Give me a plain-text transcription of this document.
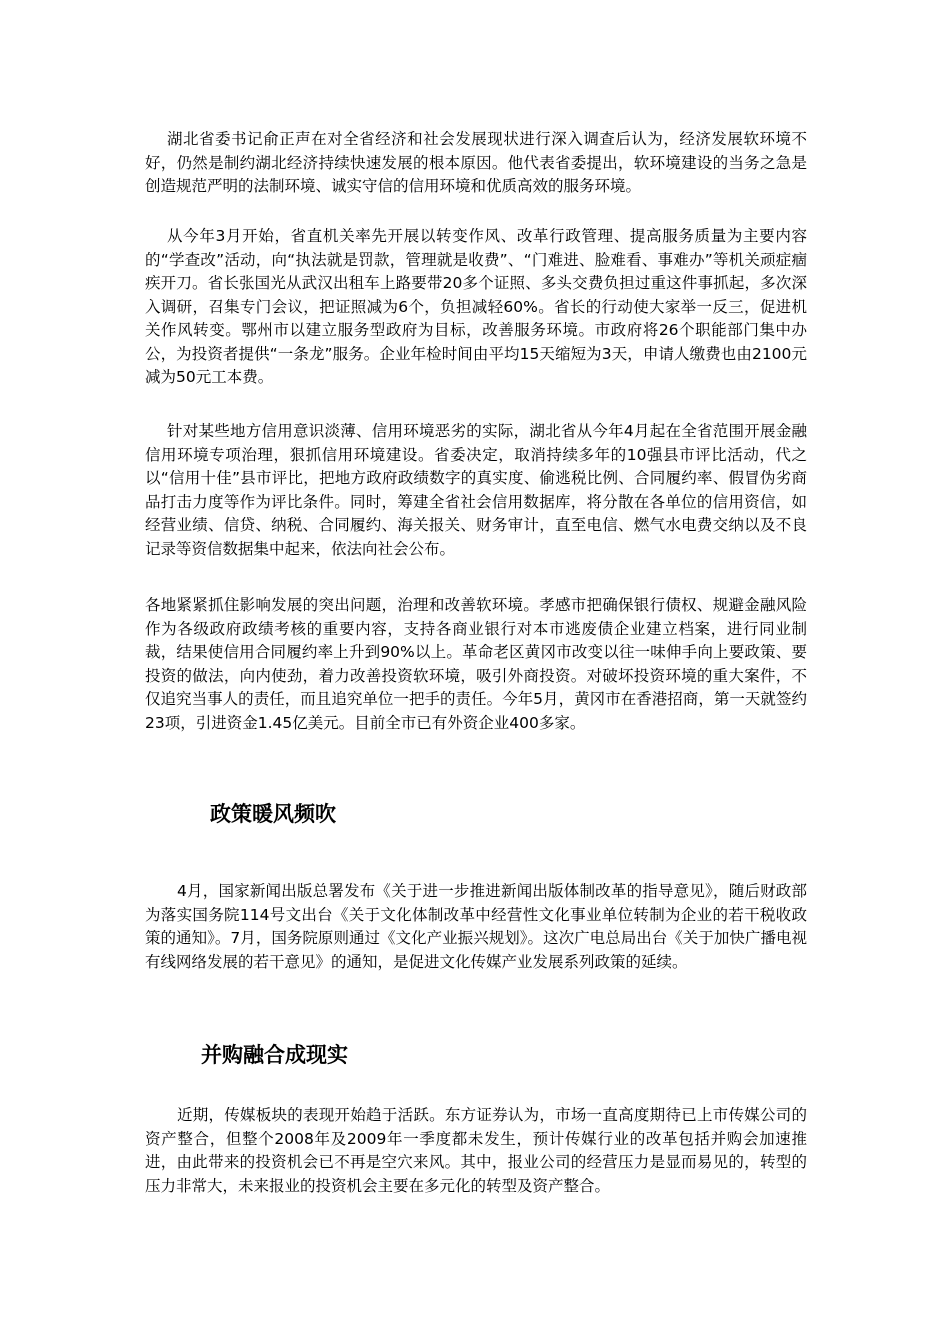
湖北省委书记俞正声在对全省经济和社会发展现状进行深入调查后认为，经济发展软环境不好，仍然是制约湖北经济持续快速发展的根本原因。他代表省委提出，软环境建设的当务之急是创造规范严明的法制环境、诚实守信的信用环境和优质高效的服务环境。

从今年3月开始，省直机关率先开展以转变作风、改革行政管理、提高服务质量为主要内容的“学查改”活动，向“执法就是罚款，管理就是收费”、“门难进、脸难看、事难办”等机关顽症痼疾开刀。省长张国光从武汉出租车上路要带20多个证照、多头交费负担过重这件事抓起，多次深入调研，召集专门会议，把证照减为6个，负担减轻60%。省长的行动使大家举一反三，促进机关作风转变。鄂州市以建立服务型政府为目标，改善服务环境。市政府将26个职能部门集中办公，为投资者提供“一条龙”服务。企业年检时间由平均15天缩短为3天，申请人缴费也由2100元减为50元工本费。

针对某些地方信用意识淡薄、信用环境恶劣的实际，湖北省从今年4月起在全省范围开展金融信用环境专项治理，狠抓信用环境建设。省委决定，取消持续多年的10强县市评比活动，代之以“信用十佳”县市评比，把地方政府政绩数字的真实度、偷逃税比例、合同履约率、假冒伪劣商品打击力度等作为评比条件。同时，筹建全省社会信用数据库，将分散在各单位的信用资信，如经营业绩、信贷、纳税、合同履约、海关报关、财务审计，直至电信、燃气水电费交纳以及不良记录等资信数据集中起来，依法向社会公布。

各地紧紧抓住影响发展的突出问题，治理和改善软环境。孝感市把确保银行债权、规避金融风险作为各级政府政绩考核的重要内容，支持各商业银行对本市逃废债企业建立档案，进行同业制裁，结果使信用合同履约率上升到90%以上。革命老区黄冈市改变以往一味伸手向上要政策、要投资的做法，向内使劲，着力改善投资软环境，吸引外商投资。对破坏投资环境的重大案件，不仅追究当事人的责任，而且追究单位一把手的责任。今年5月，黄冈市在香港招商，第一天就签约23项，引进资金1.45亿美元。目前全市已有外资企业400多家。

政策暖风频吹

4月，国家新闻出版总署发布《关于进一步推进新闻出版体制改革的指导意见》，随后财政部为落实国务院114号文出台《关于文化体制改革中经营性文化事业单位转制为企业的若干税收政策的通知》。7月，国务院原则通过《文化产业振兴规划》。这次广电总局出台《关于加快广播电视有线网络发展的若干意见》的通知，是促进文化传媒产业发展系列政策的延续。

并购融合成现实

近期，传媒板块的表现开始趋于活跃。东方证券认为，市场一直高度期待已上市传媒公司的资产整合，但整个2008年及2009年一季度都未发生，预计传媒行业的改革包括并购会加速推进，由此带来的投资机会已不再是空穴来风。其中，报业公司的经营压力是显而易见的，转型的压力非常大，未来报业的投资机会主要在多元化的转型及资产整合。
